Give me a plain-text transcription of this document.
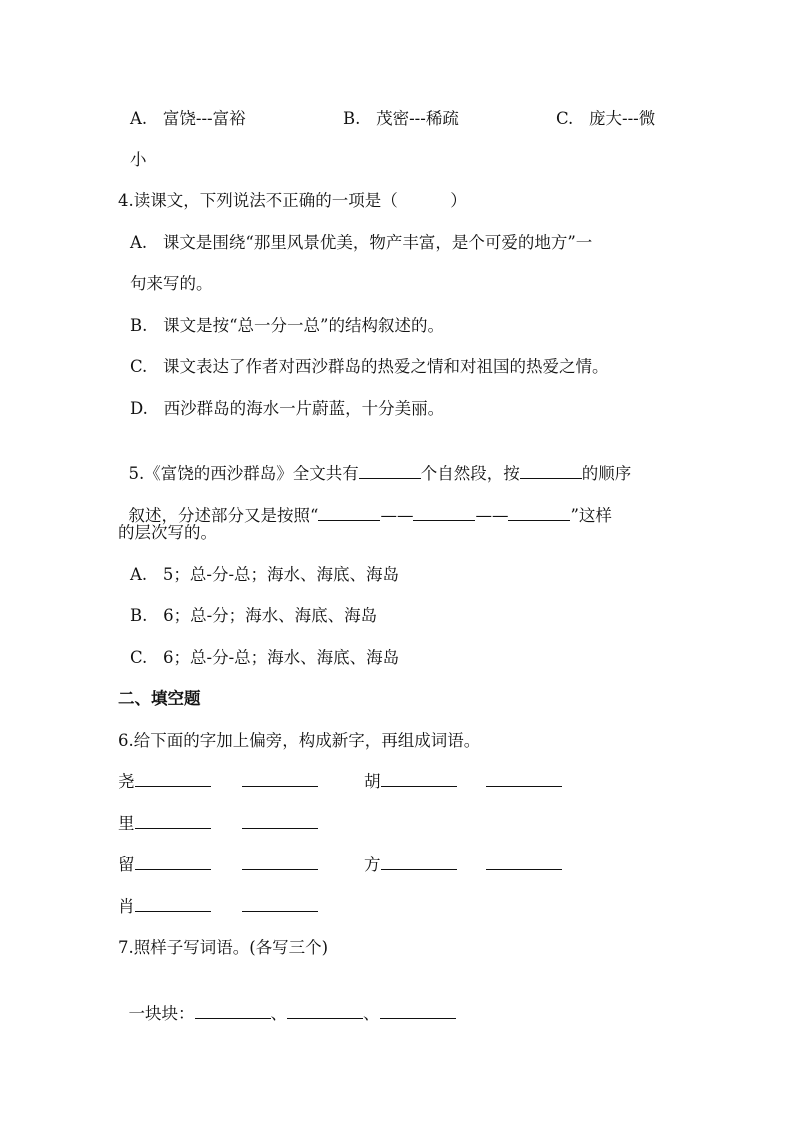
A.   富饶---富裕	B.   茂密---稀疏	C.   庞大---微
小
4.读课文，下列说法不正确的一项是（          ）
A.   课文是围绕“那里风景优美，物产丰富，是个可爱的地方”一
句来写的。
B.   课文是按“总一分一总”的结构叙述的。
C.   课文表达了作者对西沙群岛的热爱之情和对祖国的热爱之情。
D.   西沙群岛的海水一片蔚蓝，十分美丽。

5.《富饶的西沙群岛》全文共有	个自然段，按	的顺序

叙述，分述部分又是按照“	——	——	”这样

的层次写的。
A.   5；总-分-总；海水、海底、海岛
B.   6；总-分；海水、海底、海岛
C.   6；总-分-总；海水、海底、海岛
二、填空题
6.给下面的字加上偏旁，构成新字，再组成词语。
尧	胡
里
留	方
肖
7.照样子写词语。(各写三个)

一块块：	、	、
